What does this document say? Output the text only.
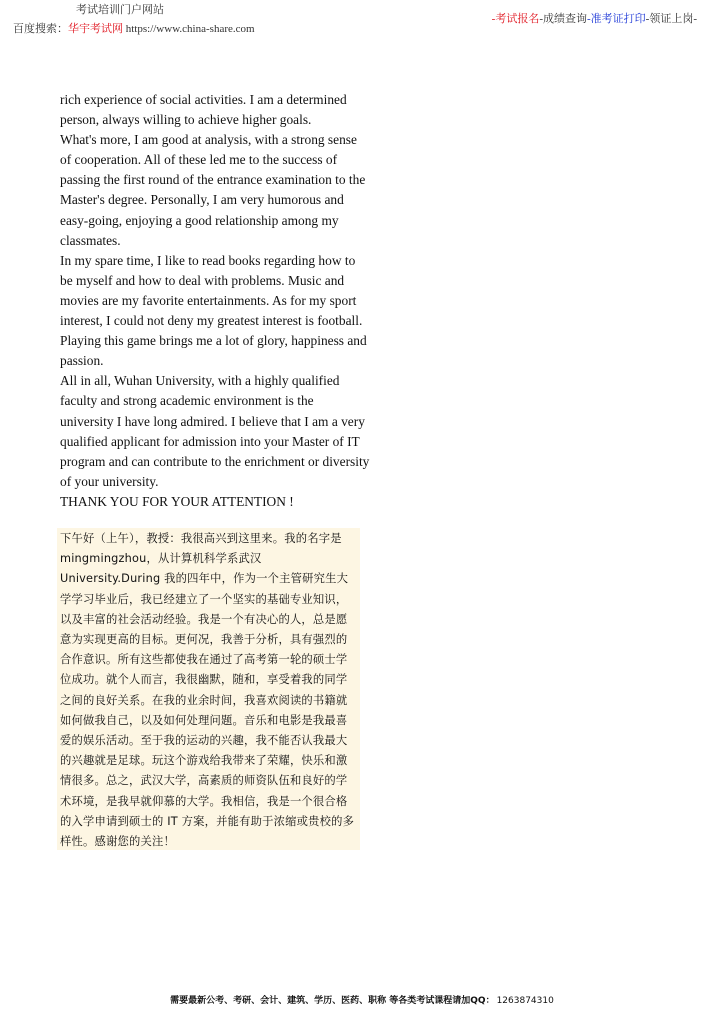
考试培训门户网站
百度搜索：华宇考试网 https://www.china-share.com
-考试报名-成绩查询-准考证打印-领证上岗-

rich experience of social activities. I am a determined person, always willing to achieve higher goals.

What's more, I am good at analysis, with a strong sense of cooperation. All of these led me to the success of passing the first round of the entrance examination to the Master's degree. Personally, I am very humorous and easy-going, enjoying a good relationship among my classmates.

In my spare time, I like to read books regarding how to be myself and how to deal with problems. Music and movies are my favorite entertainments. As for my sport interest, I could not deny my greatest interest is football. Playing this game brings me a lot of glory, happiness and passion.

All in all, Wuhan University, with a highly qualified faculty and strong academic environment is the university I have long admired. I believe that I am a very qualified applicant for admission into your Master of IT program and can contribute to the enrichment or diversity of your university.

THANK YOU FOR YOUR ATTENTION !

下午好（上午），教授：我很高兴到这里来。我的名字是 mingmingzhou，从计算机科学系武汉 University.During 我的四年中，作为一个主管研究生大学学习毕业后，我已经建立了一个坚实的基础专业知识，以及丰富的社会活动经验。我是一个有决心的人，总是愿意为实现更高的目标。更何况，我善于分析，具有强烈的合作意识。所有这些都使我在通过了高考第一轮的硕士学位成功。就个人而言，我很幽默，随和，享受着我的同学之间的良好关系。在我的业余时间，我喜欢阅读的书籍就如何做我自己，以及如何处理问题。音乐和电影是我最喜爱的娱乐活动。至于我的运动的兴趣，我不能否认我最大的兴趣就是足球。玩这个游戏给我带来了荣耀，快乐和激情很多。总之，武汉大学，高素质的师资队伍和良好的学术环境，是我早就仰慕的大学。我相信，我是一个很合格的入学申请到硕士的 IT 方案，并能有助于浓缩或贵校的多样性。感谢您的关注！
需要最新公考、考研、会计、建筑、学历、医药、职称 等各类考试课程请加QQ： 1263874310
